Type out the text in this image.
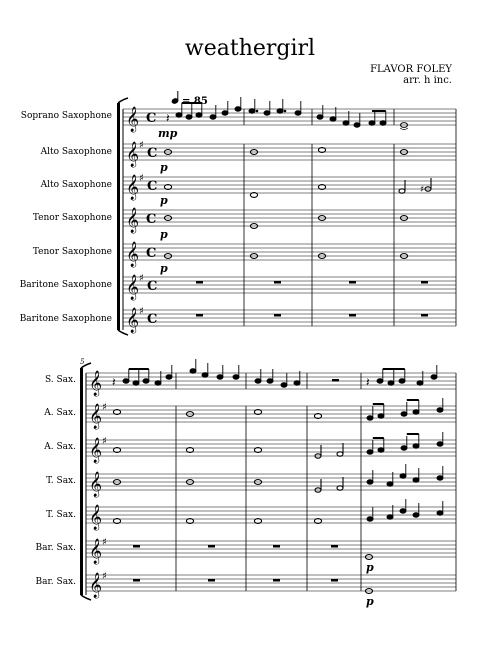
weathergirl
FLAVOR FOLEY
arr. h inc.
Soprano Saxophone
Alto Saxophone
Alto Saxophone
Tenor Saxophone
Tenor Saxophone
Baritone Saxophone
Baritone Saxophone
S. Sax.
A. Sax.
A. Sax.
T. Sax.
T. Sax.
Bar. Sax.
Bar. Sax.
= 85
𝄞
𝄞
𝄞
𝄞
𝄞
𝄞
𝄞
♯
♯
♯
♯
C
C
C
C
C
C
C
𝄽
♯
mp
p
p
p
p
5
𝄞
𝄞
𝄞
𝄞
𝄞
𝄞
𝄞
♯
♯
♯
♯
𝄽	𝄽
p
p
